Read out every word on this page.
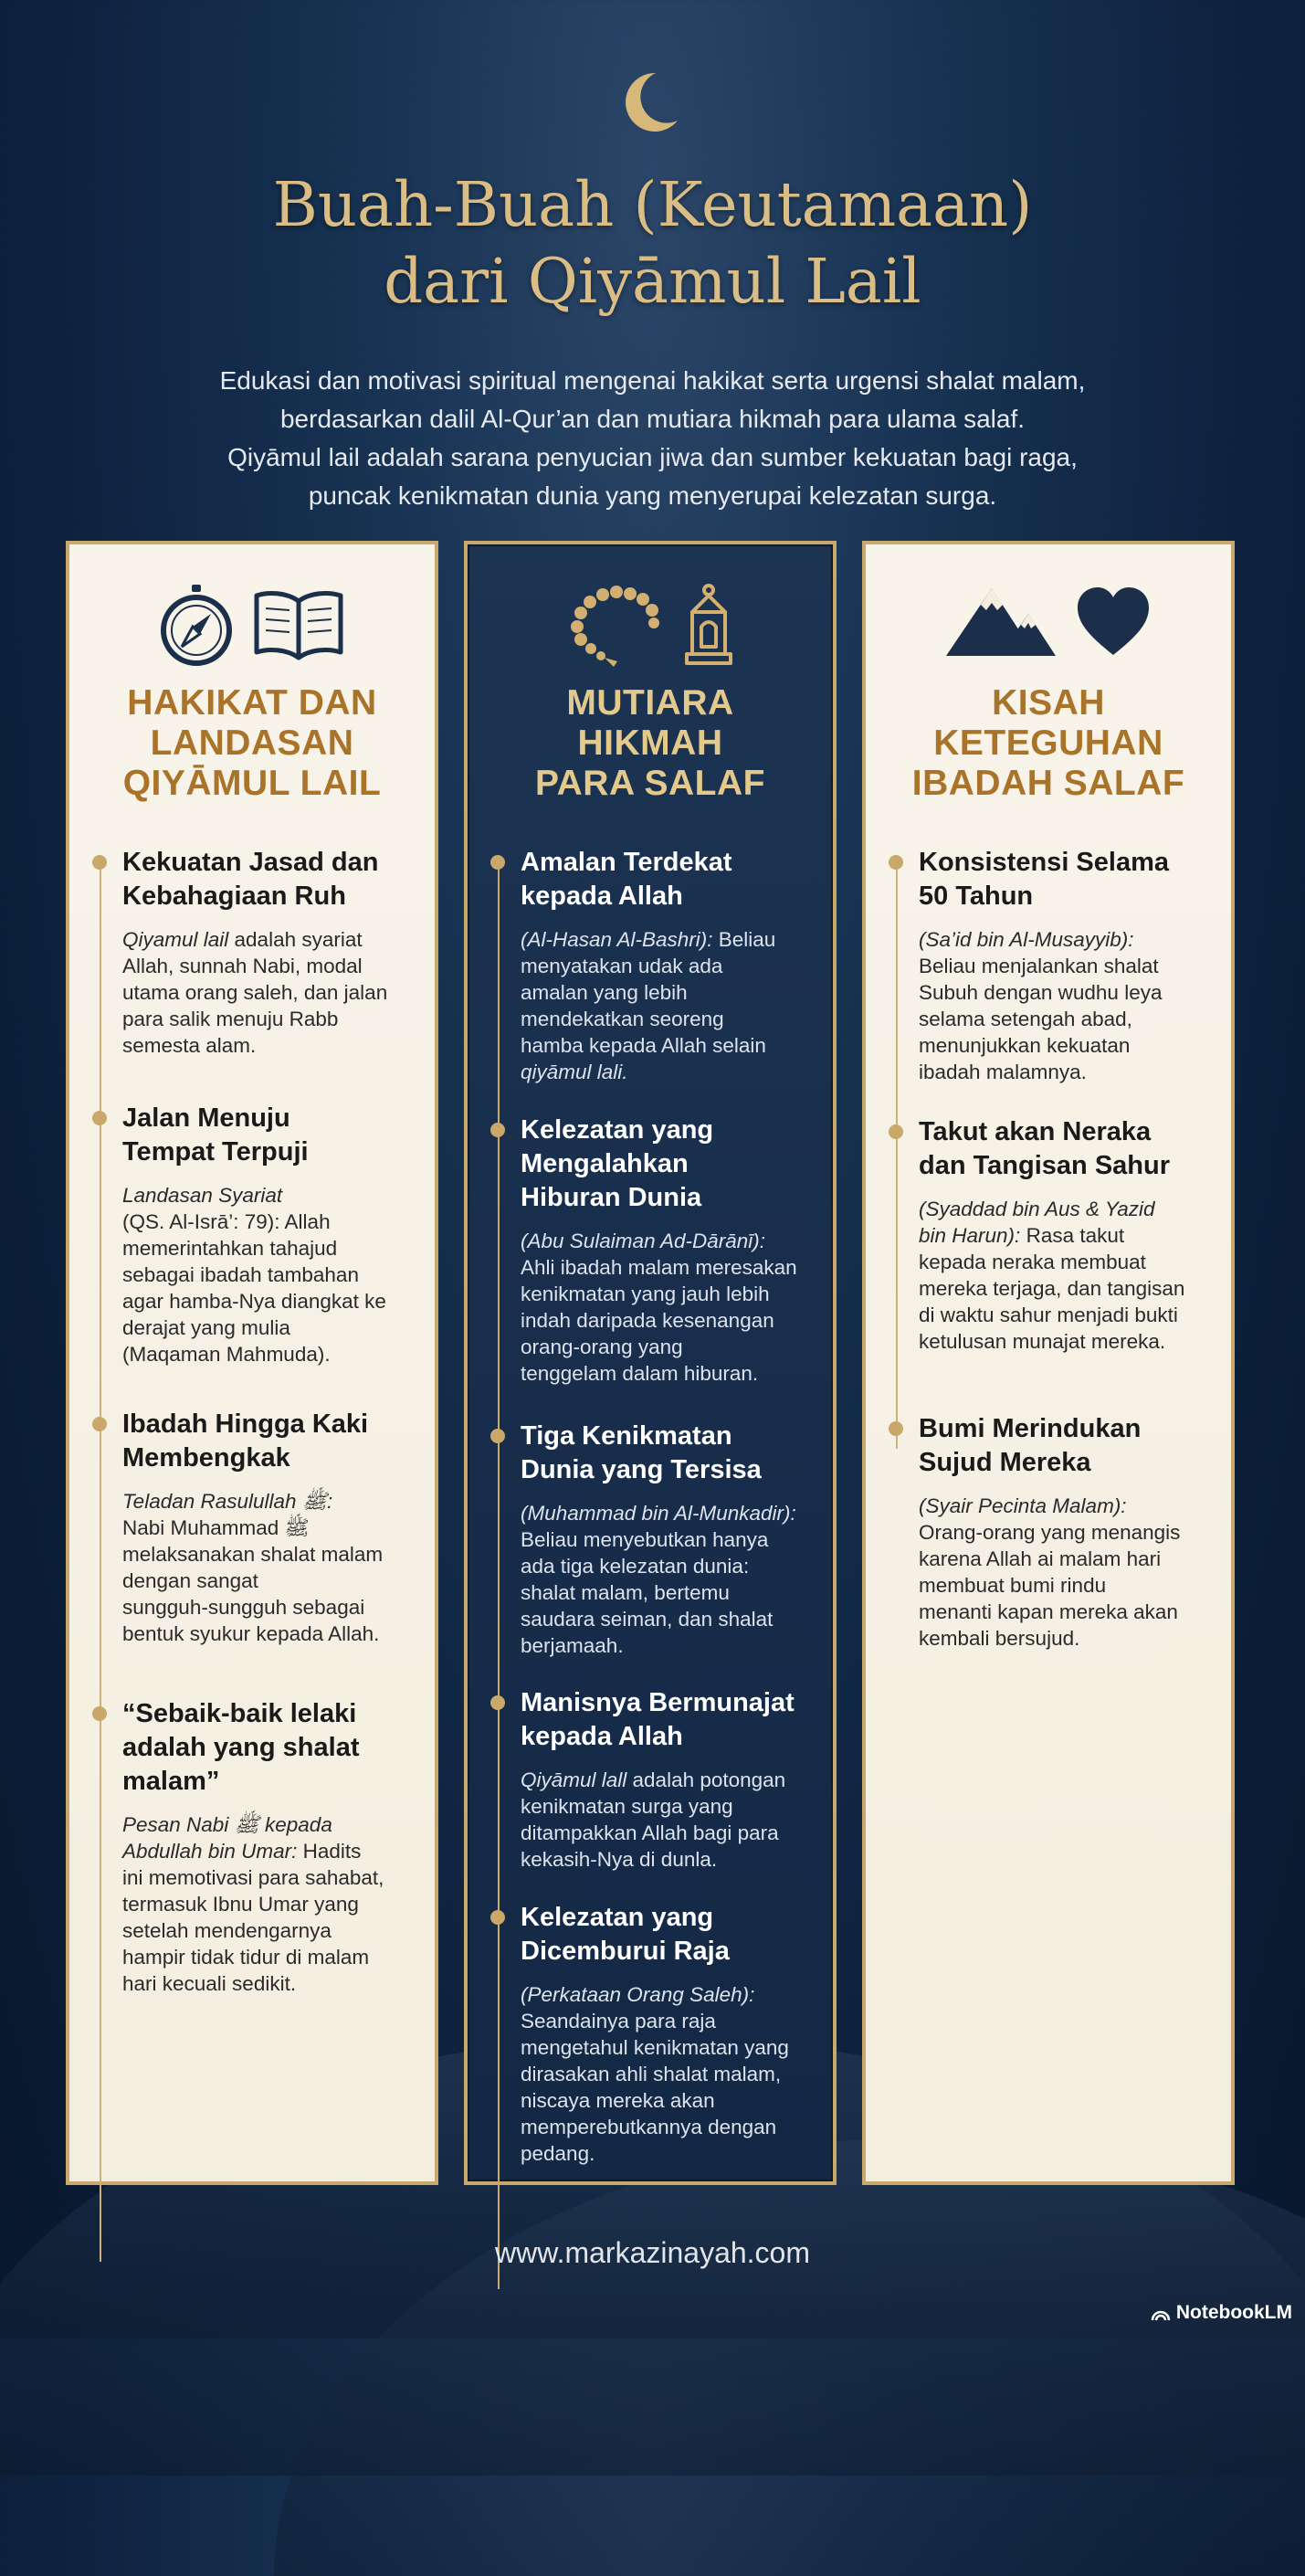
Buah-Buah (Keutamaan)
dari Qiyāmul Lail
Edukasi dan motivasi spiritual mengenai hakikat serta urgensi shalat malam,
berdasarkan dalil Al-Qur’an dan mutiara hikmah para ulama salaf.
Qiyāmul lail adalah sarana penyucian jiwa dan sumber kekuatan bagi raga,
puncak kenikmatan dunia yang menyerupai kelezatan surga.

HAKIKAT DAN
LANDASAN
QIYĀMUL LAIL
Kekuatan Jasad dan
Kebahagiaan Ruh

Qiyamul lail adalah syariat
Allah, sunnah Nabi, modal
utama orang saleh, dan jalan
para salik menuju Rabb
semesta alam.

Jalan Menuju
Tempat Terpuji

Landasan Syariat
(QS. Al-Isrā’: 79): Allah
memerintahkan tahajud
sebagai ibadah tambahan
agar hamba-Nya diangkat ke
derajat yang mulia
(Maqaman Mahmuda).

Ibadah Hingga Kaki
Membengkak

Teladan Rasulullah ﷺ:
Nabi Muhammad ﷺ
melaksanakan shalat malam
dengan sangat
sungguh-sungguh sebagai
bentuk syukur kepada Allah.

“Sebaik-baik lelaki
adalah yang shalat
malam”

Pesan Nabi ﷺ kepada
Abdullah bin Umar: Hadits
ini memotivasi para sahabat,
termasuk Ibnu Umar yang
setelah mendengarnya
hampir tidak tidur di malam
hari kecuali sedikit.

MUTIARA
HIKMAH
PARA SALAF
Amalan Terdekat
kepada Allah

(Al-Hasan Al-Bashri): Beliau
menyatakan udak ada
amalan yang lebih
mendekatkan seoreng
hamba kepada Allah selain
qiyāmul lali.

Kelezatan yang
Mengalahkan
Hiburan Dunia

(Abu Sulaiman Ad-Dārānī):
Ahli ibadah malam meresakan
kenikmatan yang jauh lebih
indah daripada kesenangan
orang-orang yang
tenggelam dalam hiburan.

Tiga Kenikmatan
Dunia yang Tersisa

(Muhammad bin Al-Munkadir):
Beliau menyebutkan hanya
ada tiga kelezatan dunia:
shalat malam, bertemu
saudara seiman, dan shalat
berjamaah.

Manisnya Bermunajat
kepada Allah

Qiyāmul lall adalah potongan
kenikmatan surga yang
ditampakkan Allah bagi para
kekasih-Nya di dunla.

Kelezatan yang
Dicemburui Raja

(Perkataan Orang Saleh):
Seandainya para raja
mengetahul kenikmatan yang
dirasakan ahli shalat malam,
niscaya mereka akan
memperebutkannya dengan
pedang.

KISAH
KETEGUHAN
IBADAH SALAF
Konsistensi Selama
50 Tahun

(Sa’id bin Al-Musayyib):
Beliau menjalankan shalat
Subuh dengan wudhu leya
selama setengah abad,
menunjukkan kekuatan
ibadah malamnya.

Takut akan Neraka
dan Tangisan Sahur

(Syaddad bin Aus & Yazid
bin Harun): Rasa takut
kepada neraka membuat
mereka terjaga, dan tangisan
di waktu sahur menjadi bukti
ketulusan munajat mereka.

Bumi Merindukan
Sujud Mereka

(Syair Pecinta Malam):
Orang-orang yang menangis
karena Allah ai malam hari
membuat bumi rindu
menanti kapan mereka akan
kembali bersujud.

www.markazinayah.com
NotebookLM
